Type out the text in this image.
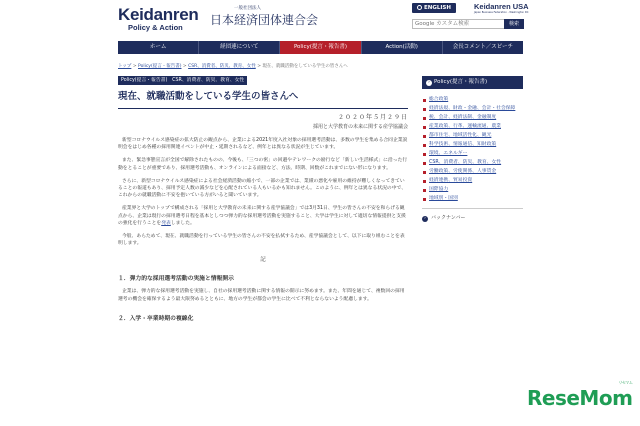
Keidanren
Policy & Action
一般社団法人
日本経済団体連合会
ENGLISH	Keidanren USA
Japan Business Federation - Washington DC
Google カスタム検索
検索
ホーム	経団連について	Policy(提言・報告書)	Action(活動)	会長コメント／スピーチ
トップ > Policy(提言・報告書) > CSR、消費者、防災、教育、女性 > 現在、就職活動をしている学生の皆さんへ
Policy(提言・報告書)　CSR、消費者、防災、教育、女性
現在、就職活動をしている学生の皆さんへ
２０２０年５月２９日
採用と大学教育の未来に関する産学協議会

新型コロナウイルス感染症の拡大防止の観点から、企業による2021年度入社対象の採用選考活動は、多数の学生を集める合同企業説明会をはじめ各種の採用関連イベントが中止・延期されるなど、例年とは異なる状況が生じています。

また、緊急事態宣言が全国で解除されたものの、今後も、「三つの密」の回避やテレワークの励行など「新しい生活様式」に沿った行動をとることが重要であり、採用選考活動も、オンラインによる面接など、方法、時期、回数がこれまでにない形になります。

さらに、新型コロナウイルス感染症による社会経済活動の縮小で、一部の企業では、業績の悪化や雇用の維持が難しくなってきていることの報道もあり、採用予定人数の減少などを心配されている人もいるかも知れません。このように、例年とは異なる状況の中で、これからの就職活動に不安を抱いている方がいると聞いています。

産業界と大学のトップで構成される「採用と大学教育の未来に関する産学協議会」では3月31日、学生の皆さんの不安を和らげる観点から、企業は現行の採用選考日程を基本としつつ弾力的な採用選考活動を実施すること、大学は学生に対して適切な情報提供と支援の強化を行うことを発表しました。

今般、あらためて、現在、就職活動を行っている学生の皆さんの不安を払拭するため、産学協議会として、以下に取り組むことを表明します。

記
１．弾力的な採用選考活動の実施と情報開示

企業は、弾力的な採用選考活動を実施し、自社の採用選考活動に関する情報の開示に努めます。また、年間を通じて、複数回の採用選考の機会を確保するよう最大限努めるとともに、地方の学生が都会の学生に比べて不利とならないよう配慮します。

２．入学・卒業時期の複線化
› Policy(提言・報告書)
総合政策
経済法規、財政・金融、会計・社会保障
税、会計、経済法制、金融制度
産業政策、行革、運輸流通、農業
都市住宅、地域活性化、観光
科学技術、情報通信、知財政策
環境、エネルギー
CSR、消費者、防災、教育、女性
労働政策、労使関係、人事賃金
経済連携、貿易投資
国際協力
地域別・国別
› バックナンバー
ReseMom
リセマム
